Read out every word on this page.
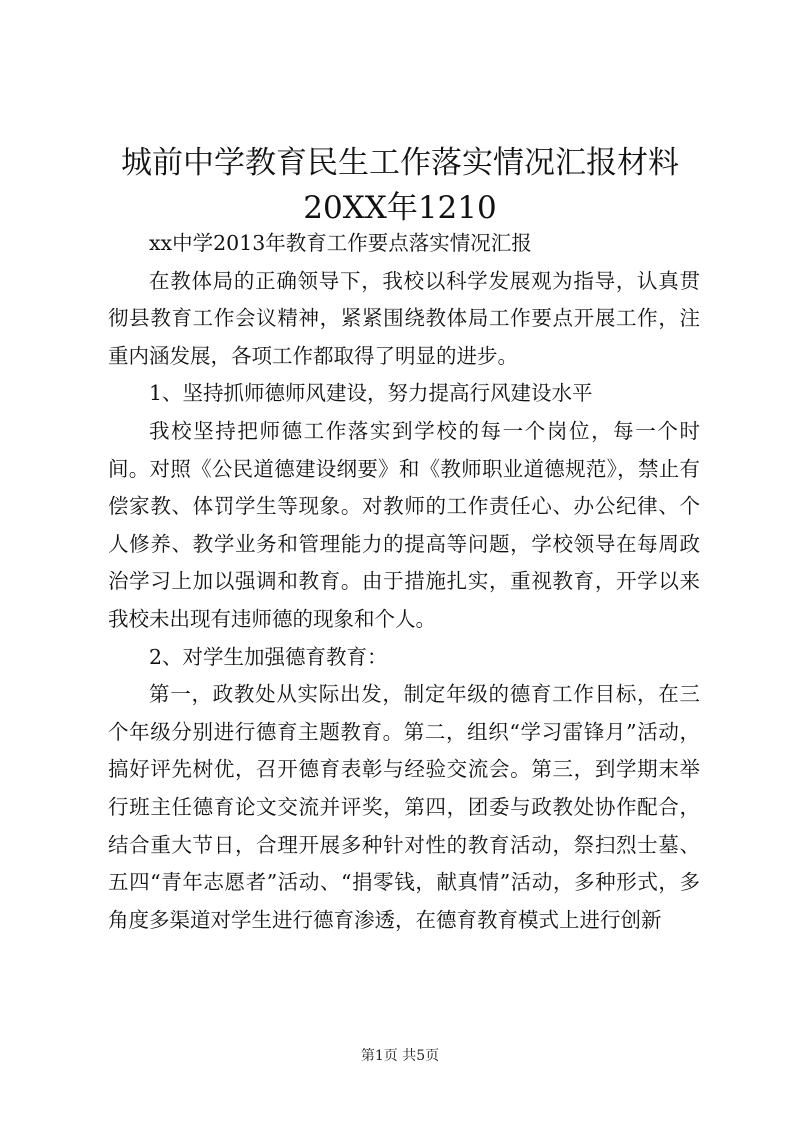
城前中学教育民生工作落实情况汇报材料
20XX年1210

xx中学2013年教育工作要点落实情况汇报

在教体局的正确领导下，我校以科学发展观为指导，认真贯彻县教育工作会议精神，紧紧围绕教体局工作要点开展工作，注重内涵发展，各项工作都取得了明显的进步。

1、坚持抓师德师风建设，努力提高行风建设水平

我校坚持把师德工作落实到学校的每一个岗位，每一个时间。对照《公民道德建设纲要》和《教师职业道德规范》，禁止有偿家教、体罚学生等现象。对教师的工作责任心、办公纪律、个人修养、教学业务和管理能力的提高等问题，学校领导在每周政治学习上加以强调和教育。由于措施扎实，重视教育，开学以来我校未出现有违师德的现象和个人。

2、对学生加强德育教育：

第一，政教处从实际出发，制定年级的德育工作目标，在三个年级分别进行德育主题教育。第二，组织“学习雷锋月”活动，搞好评先树优，召开德育表彰与经验交流会。第三，到学期末举行班主任德育论文交流并评奖，第四，团委与政教处协作配合，结合重大节日，合理开展多种针对性的教育活动，祭扫烈士墓、五四“青年志愿者”活动、“捐零钱，献真情”活动，多种形式，多角度多渠道对学生进行德育渗透，在德育教育模式上进行创新

第1页 共5页
